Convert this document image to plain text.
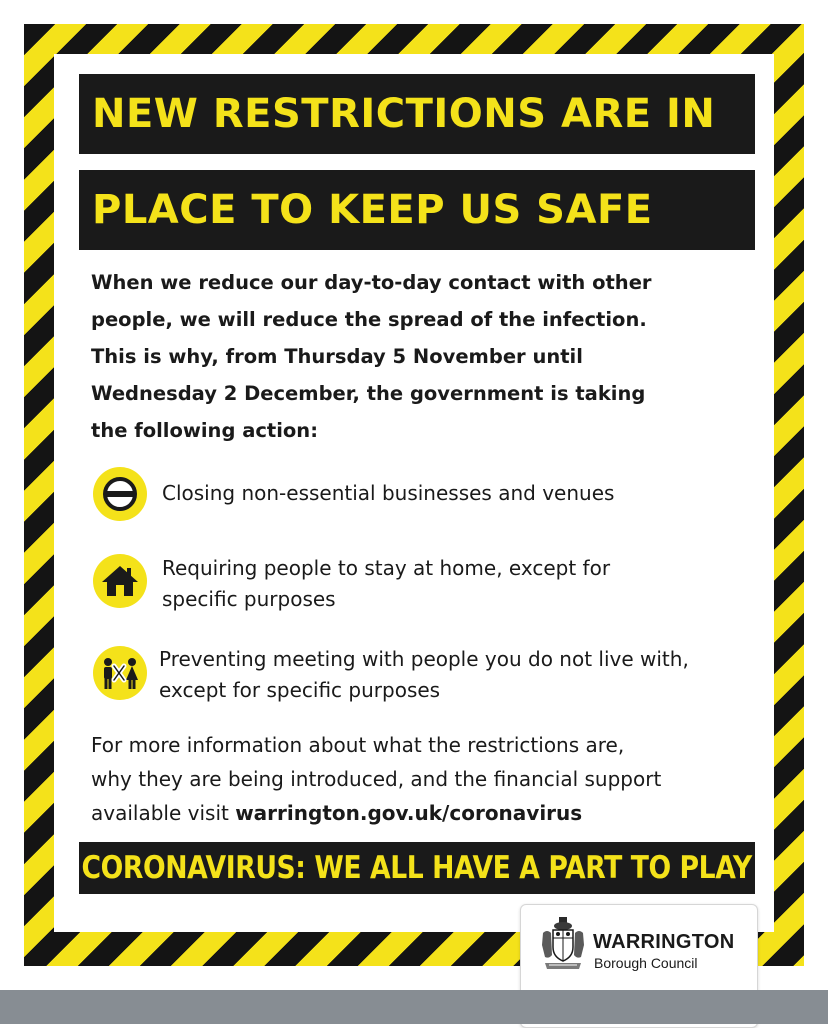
NEW RESTRICTIONS ARE IN
PLACE TO KEEP US SAFE

When we reduce our day-to-day contact with other
people, we will reduce the spread of the infection.
This is why, from Thursday 5 November until
Wednesday 2 December, the government is taking
the following action:

Closing non-essential businesses and venues

Requiring people to stay at home, except for
specific purposes

Preventing meeting with people you do not live with,
except for specific purposes

For more information about what the restrictions are,
why they are being introduced, and the financial support
available visit warrington.gov.uk/coronavirus

CORONAVIRUS: WE ALL HAVE A PART TO PLAY
WARRINGTON
Borough Council
